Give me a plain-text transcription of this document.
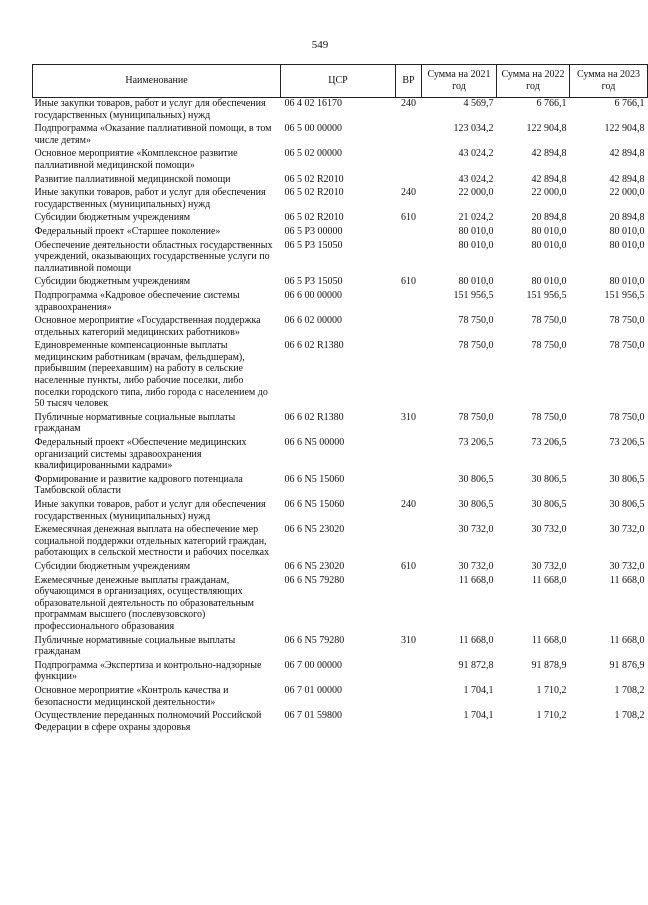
549
Наименование	ЦСР	ВР	Сумма на 2021 год	Сумма на 2022 год	Сумма на 2023 год
Иные закупки товаров, работ и услуг для обеспечения государственных (муниципальных) нужд	06 4 02 16170	240	4 569,7	6 766,1	6 766,1
Подпрограмма «Оказание паллиативной помощи, в том числе детям»	06 5 00 00000		123 034,2	122 904,8	122 904,8
Основное мероприятие «Комплексное развитие паллиативной медицинской помощи»	06 5 02 00000		43 024,2	42 894,8	42 894,8
Развитие паллиативной медицинской помощи	06 5 02 R2010		43 024,2	42 894,8	42 894,8
Иные закупки товаров, работ и услуг для обеспечения государственных (муниципальных) нужд	06 5 02 R2010	240	22 000,0	22 000,0	22 000,0
Субсидии бюджетным учреждениям	06 5 02 R2010	610	21 024,2	20 894,8	20 894,8
Федеральный проект «Старшее поколение»	06 5 P3 00000		80 010,0	80 010,0	80 010,0
Обеспечение деятельности областных государственных учреждений, оказывающих государственные услуги по паллиативной помощи	06 5 P3 15050		80 010,0	80 010,0	80 010,0
Субсидии бюджетным учреждениям	06 5 P3 15050	610	80 010,0	80 010,0	80 010,0
Подпрограмма «Кадровое обеспечение системы здравоохранения»	06 6 00 00000		151 956,5	151 956,5	151 956,5
Основное мероприятие «Государственная поддержка отдельных категорий медицинских работников»	06 6 02 00000		78 750,0	78 750,0	78 750,0
Единовременные компенсационные выплаты медицинским работникам (врачам, фельдшерам), прибывшим (переехавшим) на работу в сельские населенные пункты, либо рабочие поселки, либо поселки городского типа, либо города с населением до 50 тысяч человек	06 6 02 R1380		78 750,0	78 750,0	78 750,0
Публичные нормативные социальные выплаты гражданам	06 6 02 R1380	310	78 750,0	78 750,0	78 750,0
Федеральный проект «Обеспечение медицинских организаций системы здравоохранения квалифицированными кадрами»	06 6 N5 00000		73 206,5	73 206,5	73 206,5
Формирование и развитие кадрового потенциала Тамбовской области	06 6 N5 15060		30 806,5	30 806,5	30 806,5
Иные закупки товаров, работ и услуг для обеспечения государственных (муниципальных) нужд	06 6 N5 15060	240	30 806,5	30 806,5	30 806,5
Ежемесячная денежная выплата на обеспечение мер социальной поддержки отдельных категорий граждан, работающих в сельской местности и рабочих поселках	06 6 N5 23020		30 732,0	30 732,0	30 732,0
Субсидии бюджетным учреждениям	06 6 N5 23020	610	30 732,0	30 732,0	30 732,0
Ежемесячные денежные выплаты гражданам, обучающимся в организациях, осуществляющих образовательной деятельность по образовательным программам высшего (послевузовского) профессионального образования	06 6 N5 79280		11 668,0	11 668,0	11 668,0
Публичные нормативные социальные выплаты гражданам	06 6 N5 79280	310	11 668,0	11 668,0	11 668,0
Подпрограмма «Экспертиза и контрольно-надзорные функции»	06 7 00 00000		91 872,8	91 878,9	91 876,9
Основное мероприятие «Контроль качества и безопасности медицинской деятельности»	06 7 01 00000		1 704,1	1 710,2	1 708,2
Осуществление переданных полномочий Российской Федерации в сфере охраны здоровья	06 7 01 59800		1 704,1	1 710,2	1 708,2
